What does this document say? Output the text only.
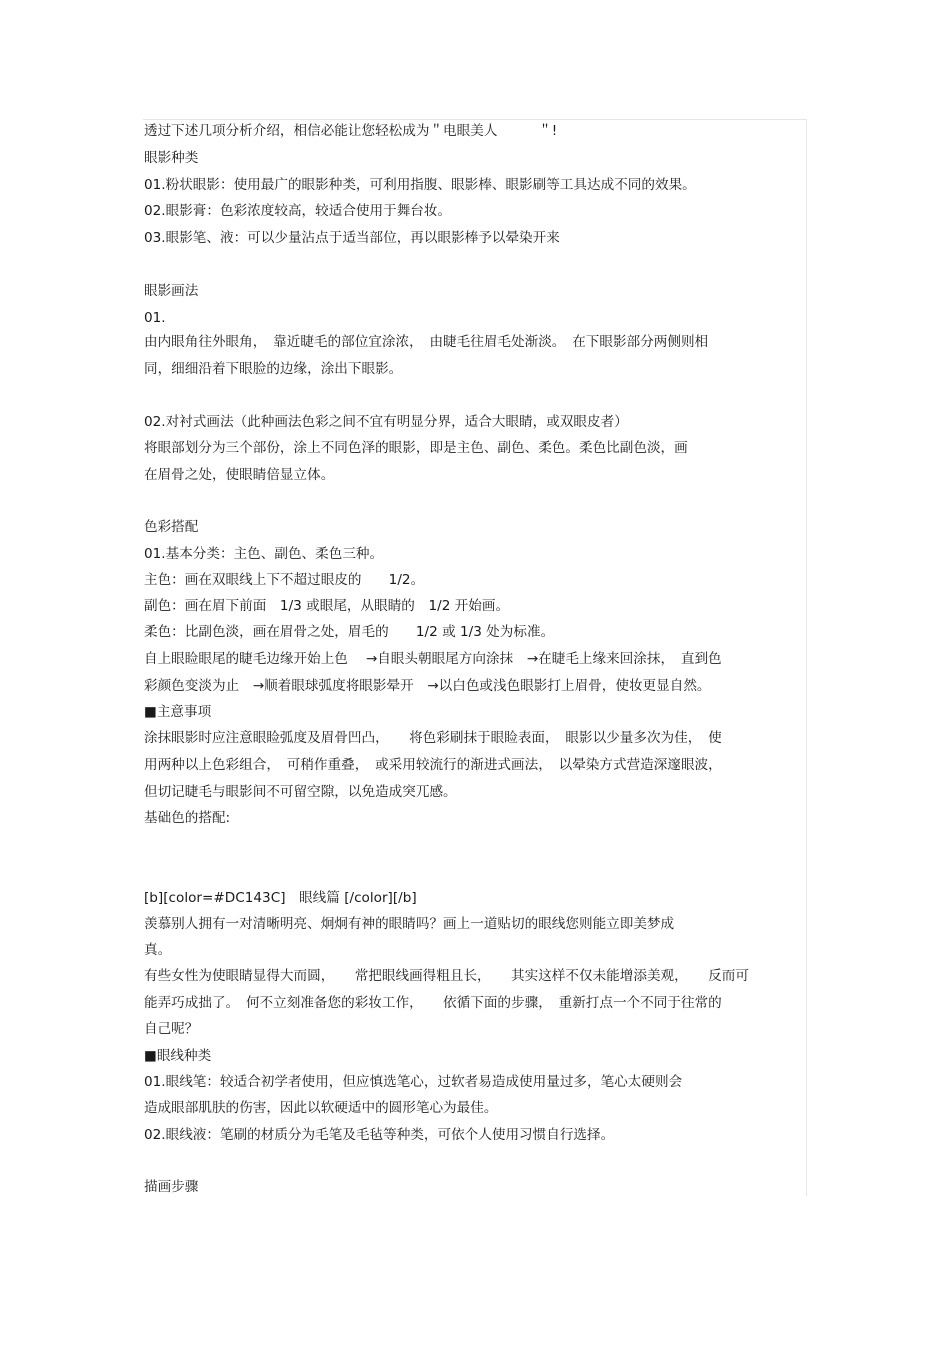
透过下述几项分析介绍，相信必能让您轻松成为＂电眼美人　　　＂!
眼影种类
01.粉状眼影：使用最广的眼影种类，可利用指腹、眼影棒、眼影刷等工具达成不同的效果。
02.眼影膏：色彩浓度较高，较适合使用于舞台妆。
03.眼影笔、液：可以少量沾点于适当部位，再以眼影棒予以晕染开来
眼影画法
01.
由内眼角往外眼角，　靠近睫毛的部位宜涂浓，　由睫毛往眉毛处渐淡。　在下眼影部分两侧则相
同，细细沿着下眼脸的边缘，涂出下眼影。
02.对衬式画法（此种画法色彩之间不宜有明显分界，适合大眼睛，或双眼皮者）
将眼部划分为三个部份，涂上不同色泽的眼影，即是主色、副色、柔色。柔色比副色淡，画
在眉骨之处，使眼睛倍显立体。
色彩搭配
01.基本分类：主色、副色、柔色三种。
主色：画在双眼线上下不超过眼皮的　　1/2。
副色：画在眉下前面　1/3 或眼尾，从眼睛的　1/2 开始画。
柔色：比副色淡，画在眉骨之处，眉毛的　　1/2 或 1/3 处为标准。
自上眼睑眼尾的睫毛边缘开始上色　 →自眼头朝眼尾方向涂抹　→在睫毛上缘来回涂抹，　直到色
彩颜色变淡为止　→顺着眼球弧度将眼影晕开　→以白色或浅色眼影打上眉骨，使妆更显自然。
■主意事项
涂抹眼影时应注意眼睑弧度及眉骨凹凸，　　将色彩刷抹于眼睑表面，　眼影以少量多次为佳，　使
用两种以上色彩组合，　可稍作重叠，　或采用较流行的渐进式画法，　以晕染方式营造深邃眼波，
但切记睫毛与眼影间不可留空隙，以免造成突兀感。
基础色的搭配:
[b][color=#DC143C]　眼线篇 [/color][/b]
羡慕别人拥有一对清晰明亮、炯炯有神的眼睛吗？画上一道贴切的眼线您则能立即美梦成
真。
有些女性为使眼睛显得大而圆，　　常把眼线画得粗且长，　　其实这样不仅未能增添美观，　　反而可
能弄巧成拙了。　何不立刻准备您的彩妆工作，　　依循下面的步骤，　重新打点一个不同于往常的
自己呢？
■眼线种类
01.眼线笔：较适合初学者使用，但应慎选笔心，过软者易造成使用量过多，笔心太硬则会
造成眼部肌肤的伤害，因此以软硬适中的圆形笔心为最佳。
02.眼线液：笔刷的材质分为毛笔及毛毡等种类，可依个人使用习惯自行选择。
描画步骤
